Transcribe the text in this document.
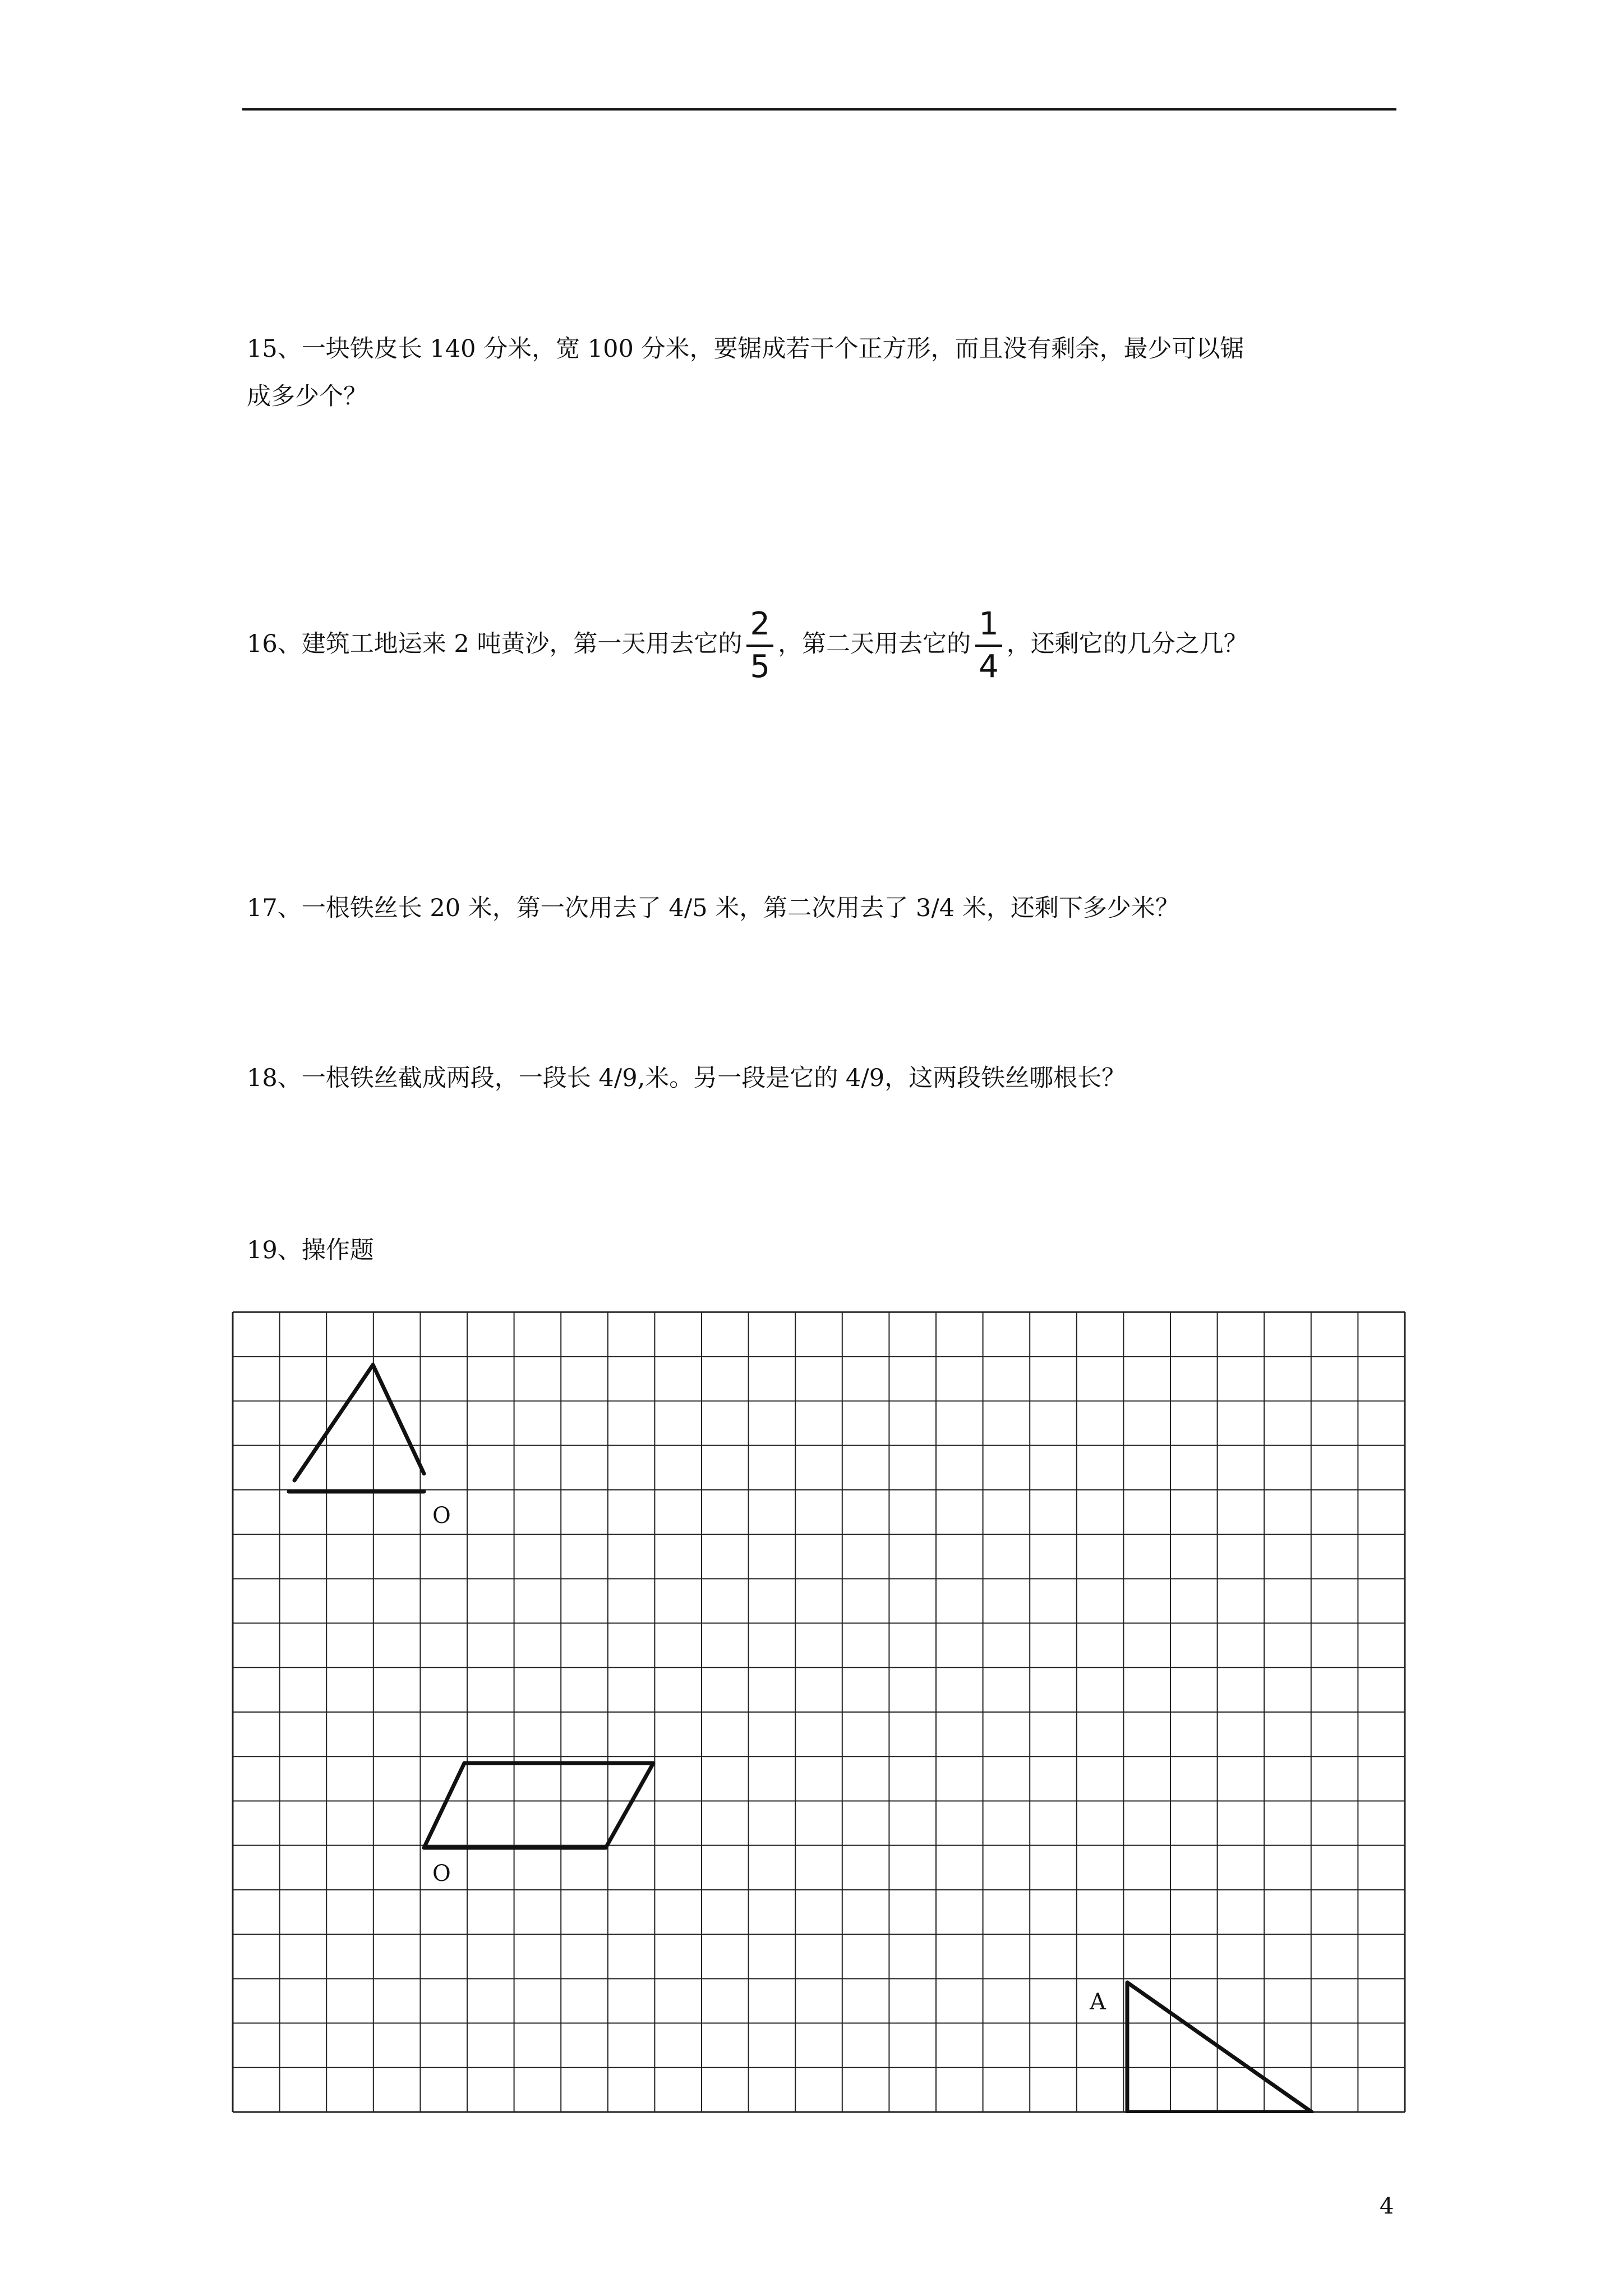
15、一块铁皮长 140 分米，宽 100 分米，要锯成若干个正方形，而且没有剩余，最少可以锯
成多少个？
16、建筑工地运来 2 吨黄沙，第一天用去它的 $\frac{2}{5}$ ，第二天用去它的 $\frac{1}{4}$ ，还剩它的几分之几？
17、一根铁丝长 20 米，第一次用去了 4/5 米，第二次用去了 3/4 米，还剩下多少米？
18、一根铁丝截成两段，一段长 4/9,米。另一段是它的 4/9，这两段铁丝哪根长？
19、操作题
O
O
A
4
